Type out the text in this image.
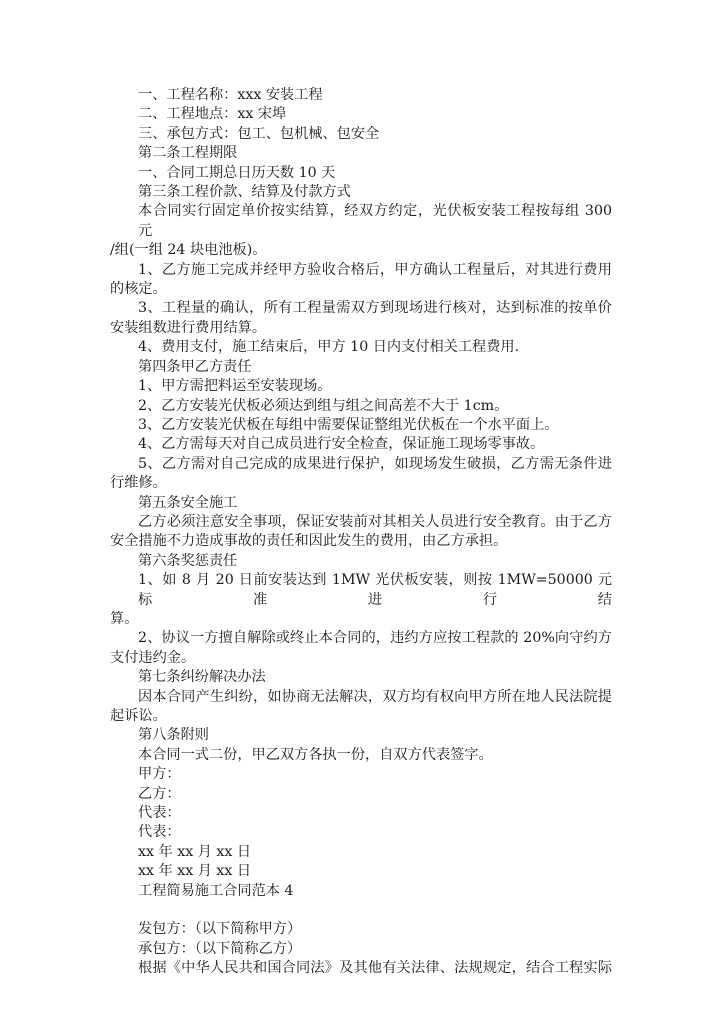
一、工程名称：xxx 安装工程
二、工程地点：xx 宋埠
三、承包方式：包工、包机械、包安全
第二条工程期限
一、合同工期总日历天数 10 天
第三条工程价款、结算及付款方式
本合同实行固定单价按实结算，经双方约定，光伏板安装工程按每组 300 元
/组(一组 24 块电池板)。
1、乙方施工完成并经甲方验收合格后，甲方确认工程量后，对其进行费用
的核定。
3、工程量的确认，所有工程量需双方到现场进行核对，达到标准的按单价
安装组数进行费用结算。
4、费用支付，施工结束后，甲方 10 日内支付相关工程费用.
第四条甲乙方责任
1、甲方需把料运至安装现场。
2、乙方安装光伏板必须达到组与组之间高差不大于 1cm。
3、乙方安装光伏板在每组中需要保证整组光伏板在一个水平面上。
4、乙方需每天对自己成员进行安全检查，保证施工现场零事故。
5、乙方需对自己完成的成果进行保护，如现场发生破损，乙方需无条件进
行维修。
第五条安全施工
乙方必须注意安全事项，保证安装前对其相关人员进行安全教育。由于乙方
安全措施不力造成事故的责任和因此发生的费用，由乙方承担。
第六条奖惩责任
1、如 8 月 20 日前安装达到 1MW 光伏板安装，则按 1MW=50000 元标准进行结
算。
2、协议一方擅自解除或终止本合同的，违约方应按工程款的 20%向守约方
支付违约金。
第七条纠纷解决办法
因本合同产生纠纷，如协商无法解决，双方均有权向甲方所在地人民法院提
起诉讼。
第八条附则
本合同一式二份，甲乙双方各执一份，自双方代表签字。
甲方：
乙方：
代表：
代表：
xx 年 xx 月 xx 日
xx 年 xx 月 xx 日
工程简易施工合同范本 4
发包方：（以下简称甲方）
承包方：（以下简称乙方）
根据《中华人民共和国合同法》及其他有关法律、法规规定，结合工程实际
